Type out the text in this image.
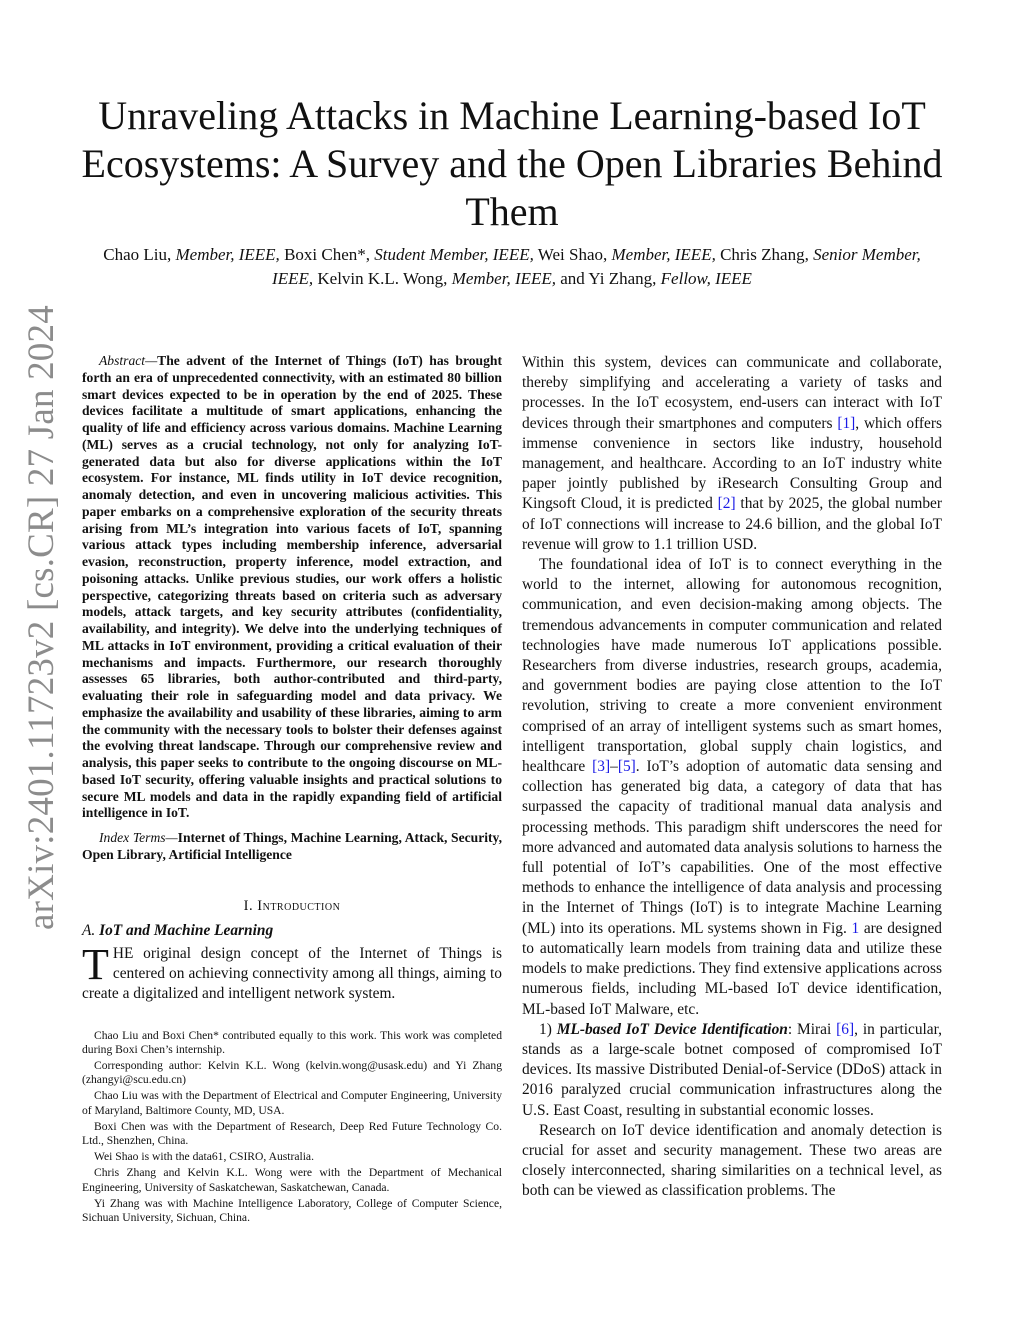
arXiv:2401.11723v2 [cs.CR] 27 Jan 2024
Unraveling Attacks in Machine Learning-based IoT Ecosystems: A Survey and the Open Libraries Behind Them
Chao Liu, Member, IEEE, Boxi Chen*, Student Member, IEEE, Wei Shao, Member, IEEE, Chris Zhang, Senior Member, IEEE, Kelvin K.L. Wong, Member, IEEE, and Yi Zhang, Fellow, IEEE

Abstract—The advent of the Internet of Things (IoT) has brought forth an era of unprecedented connectivity, with an estimated 80 billion smart devices expected to be in operation by the end of 2025. These devices facilitate a multitude of smart applications, enhancing the quality of life and efficiency across various domains. Machine Learning (ML) serves as a crucial technology, not only for analyzing IoT-generated data but also for diverse applications within the IoT ecosystem. For instance, ML finds utility in IoT device recognition, anomaly detection, and even in uncovering malicious activities. This paper embarks on a comprehensive exploration of the security threats arising from ML’s integration into various facets of IoT, spanning various attack types including membership inference, adversarial evasion, reconstruction, property inference, model extraction, and poisoning attacks. Unlike previous studies, our work offers a holistic perspective, categorizing threats based on criteria such as adversary models, attack targets, and key security attributes (confidentiality, availability, and integrity). We delve into the underlying techniques of ML attacks in IoT environment, providing a critical evaluation of their mechanisms and impacts. Furthermore, our research thoroughly assesses 65 libraries, both author-contributed and third-party, evaluating their role in safeguarding model and data privacy. We emphasize the availability and usability of these libraries, aiming to arm the community with the necessary tools to bolster their defenses against the evolving threat landscape. Through our comprehensive review and analysis, this paper seeks to contribute to the ongoing discourse on ML-based IoT security, offering valuable insights and practical solutions to secure ML models and data in the rapidly expanding field of artificial intelligence in IoT.

Index Terms—Internet of Things, Machine Learning, Attack, Security, Open Library, Artificial Intelligence

I. Introduction
A. IoT and Machine Learning

THE original design concept of the Internet of Things is centered on achieving connectivity among all things, aiming to create a digitalized and intelligent network system.

Chao Liu and Boxi Chen* contributed equally to this work. This work was completed during Boxi Chen’s internship.

Corresponding author: Kelvin K.L. Wong (kelvin.wong@usask.edu) and Yi Zhang (zhangyi@scu.edu.cn)

Chao Liu was with the Department of Electrical and Computer Engineering, University of Maryland, Baltimore County, MD, USA.

Boxi Chen was with the Department of Research, Deep Red Future Technology Co. Ltd., Shenzhen, China.

Wei Shao is with the data61, CSIRO, Australia.

Chris Zhang and Kelvin K.L. Wong were with the Department of Mechanical Engineering, University of Saskatchewan, Saskatchewan, Canada.

Yi Zhang was with Machine Intelligence Laboratory, College of Computer Science, Sichuan University, Sichuan, China.

Within this system, devices can communicate and collaborate, thereby simplifying and accelerating a variety of tasks and processes. In the IoT ecosystem, end-users can interact with IoT devices through their smartphones and computers [1], which offers immense convenience in sectors like industry, household management, and healthcare. According to an IoT industry white paper jointly published by iResearch Consulting Group and Kingsoft Cloud, it is predicted [2] that by 2025, the global number of IoT connections will increase to 24.6 billion, and the global IoT revenue will grow to 1.1 trillion USD.

The foundational idea of IoT is to connect everything in the world to the internet, allowing for autonomous recognition, communication, and even decision-making among objects. The tremendous advancements in computer communication and related technologies have made numerous IoT applications possible. Researchers from diverse industries, research groups, academia, and government bodies are paying close attention to the IoT revolution, striving to create a more convenient environment comprised of an array of intelligent systems such as smart homes, intelligent transportation, global supply chain logistics, and healthcare [3]–[5]. IoT’s adoption of automatic data sensing and collection has generated big data, a category of data that has surpassed the capacity of traditional manual data analysis and processing methods. This paradigm shift underscores the need for more advanced and automated data analysis solutions to harness the full potential of IoT’s capabilities. One of the most effective methods to enhance the intelligence of data analysis and processing in the Internet of Things (IoT) is to integrate Machine Learning (ML) into its operations. ML systems shown in Fig. 1 are designed to automatically learn models from training data and utilize these models to make predictions. They find extensive applications across numerous fields, including ML-based IoT device identification, ML-based IoT Malware, etc.

1) ML-based IoT Device Identification: Mirai [6], in particular, stands as a large-scale botnet composed of compromised IoT devices. Its massive Distributed Denial-of-Service (DDoS) attack in 2016 paralyzed crucial communication infrastructures along the U.S. East Coast, resulting in substantial economic losses.

Research on IoT device identification and anomaly detection is crucial for asset and security management. These two areas are closely interconnected, sharing similarities on a technical level, as both can be viewed as classification problems. The
